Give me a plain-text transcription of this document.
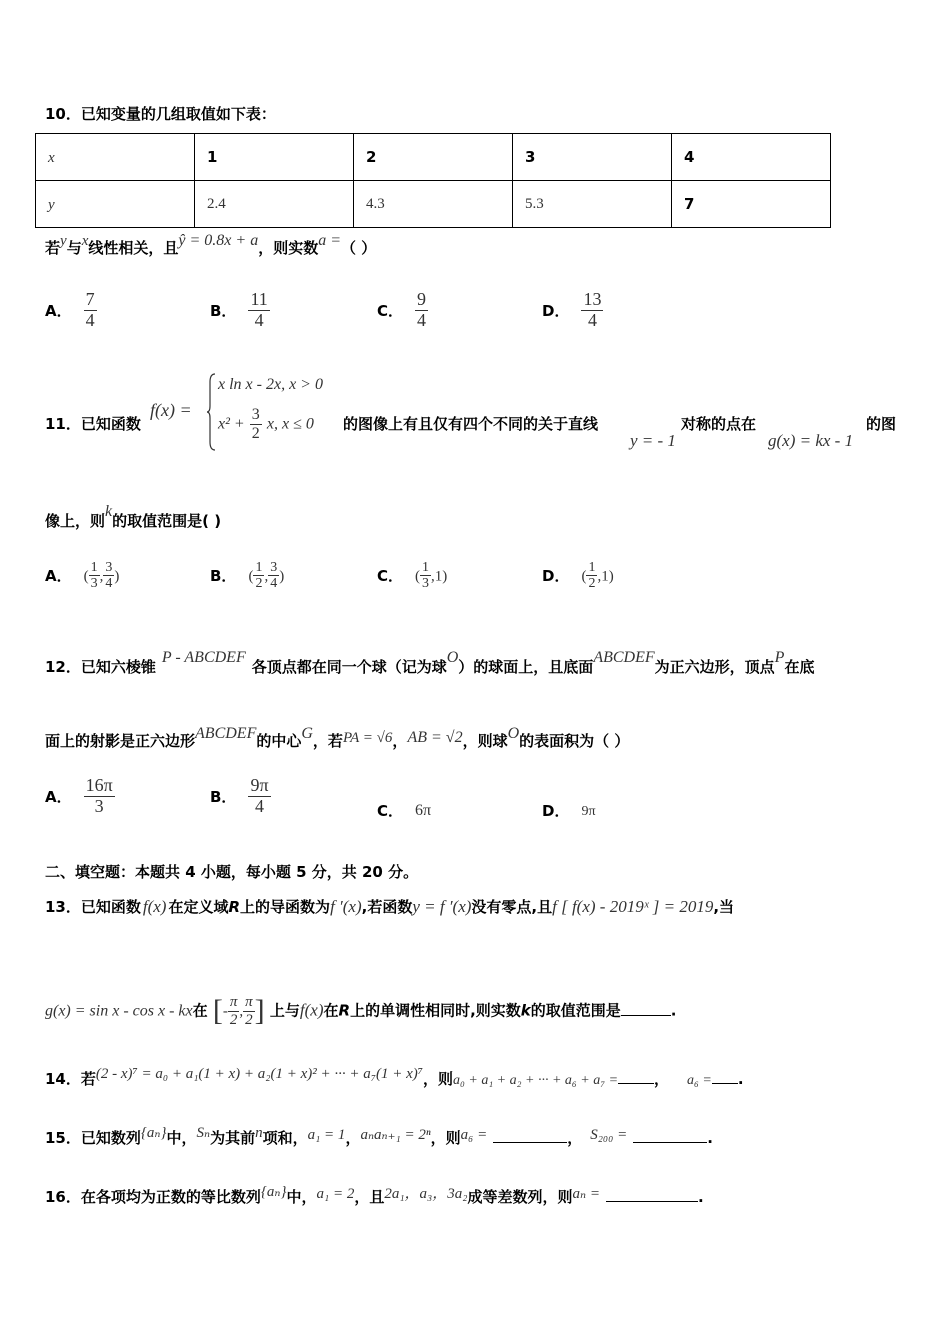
10．已知变量的几组取值如下表：
x	1	2	3	4
y	2.4	4.3	5.3	7
若y与x线性相关，且ŷ = 0.8x + a，则实数a =（ ）
A． $\frac{7}{4}$	B． $\frac{11}{4}$	C． $\frac{9}{4}$	D． $\frac{13}{4}$
11．已知函数
f(x) =
x ln x - 2x, x > 0
$x^2 + \frac{3}{2} x$, x ≤ 0 的图像上有且仅有四个不同的关于直线
y = - 1
对称的点在
g(x) = kx - 1
的图
像上，则k的取值范围是( )
A． ( $\frac{1}{3}$ , $\frac{3}{4}$ )	B． ( $\frac{1}{2}$ , $\frac{3}{4}$ )	C． ( $\frac{1}{3} ,1$)	D． ( $\frac{1}{2} ,1$)
12．已知六棱锥P - ABCDEF各顶点都在同一个球（记为球O）的球面上，且底面ABCDEF为正六边形，顶点P在底
面上的射影是正六边形ABCDEF的中心G，若PA = √6，AB = √2，则球O的表面积为（ ）
A． $\frac{16\pi}{3}$	B． $\frac{9\pi}{4}$	C． 6π	D． 9π
二、填空题：本题共 4 小题，每小题 5 分，共 20 分。
13．已知函数 f(x) 在定义域R上的导函数为f ′(x),若函数y = f ′(x)没有零点,且f [ f(x) - 2019ˣ ] = 2019,当
g(x) = sin x - cos x - kx在 [- $\frac{\pi}{2}$ , $\frac{\pi}{2}$ ] 上与f(x)在R上的单调性相同时,则实数k的取值范围是	.
14．若(2 - x)⁷ = a₀ + a₁(1 + x) + a₂(1 + x)² + ··· + a₇(1 + x)⁷，则a₀ + a₁ + a₂ + ··· + a₆ + a₇ = ， a₆ = .
15．已知数列{aₙ}中，Sₙ为其前n项和，a₁ = 1，aₙaₙ₊₁ = 2ⁿ，则a₆ =	， S₂₀₀ =	.
16．在各项均为正数的等比数列{aₙ}中，a₁ = 2，且2a₁，a₃，3a₂成等差数列，则aₙ =	.
